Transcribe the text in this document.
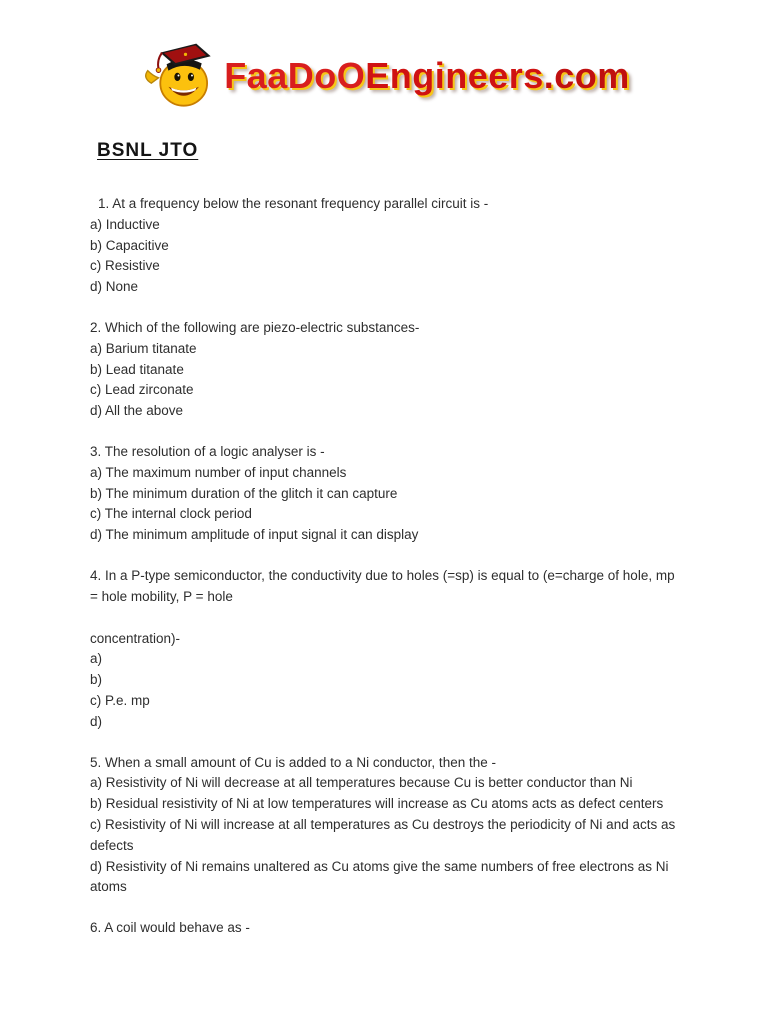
FaaDoOEngineers.com
BSNL JTO

1. At a frequency below the resonant frequency parallel circuit is -

a) Inductive

b) Capacitive

c) Resistive

d) None

2. Which of the following are piezo-electric substances-

a) Barium titanate

b) Lead titanate

c) Lead zirconate

d) All the above

3. The resolution of a logic analyser is -

a) The maximum number of input channels

b) The minimum duration of the glitch it can capture

c) The internal clock period

d) The minimum amplitude of input signal it can display

4. In a P-type semiconductor, the conductivity due to holes (=sp) is equal to (e=charge of hole, mp = hole mobility, P = hole

concentration)-

a)

b)

c) P.e. mp

d)

5. When a small amount of Cu is added to a Ni conductor, then the -

a) Resistivity of Ni will decrease at all temperatures because Cu is better conductor than Ni

b) Residual resistivity of Ni at low temperatures will increase as Cu atoms acts as defect centers

c) Resistivity of Ni will increase at all temperatures as Cu destroys the periodicity of Ni and acts as defects

d) Resistivity of Ni remains unaltered as Cu atoms give the same numbers of free electrons as Ni atoms

6. A coil would behave as -
